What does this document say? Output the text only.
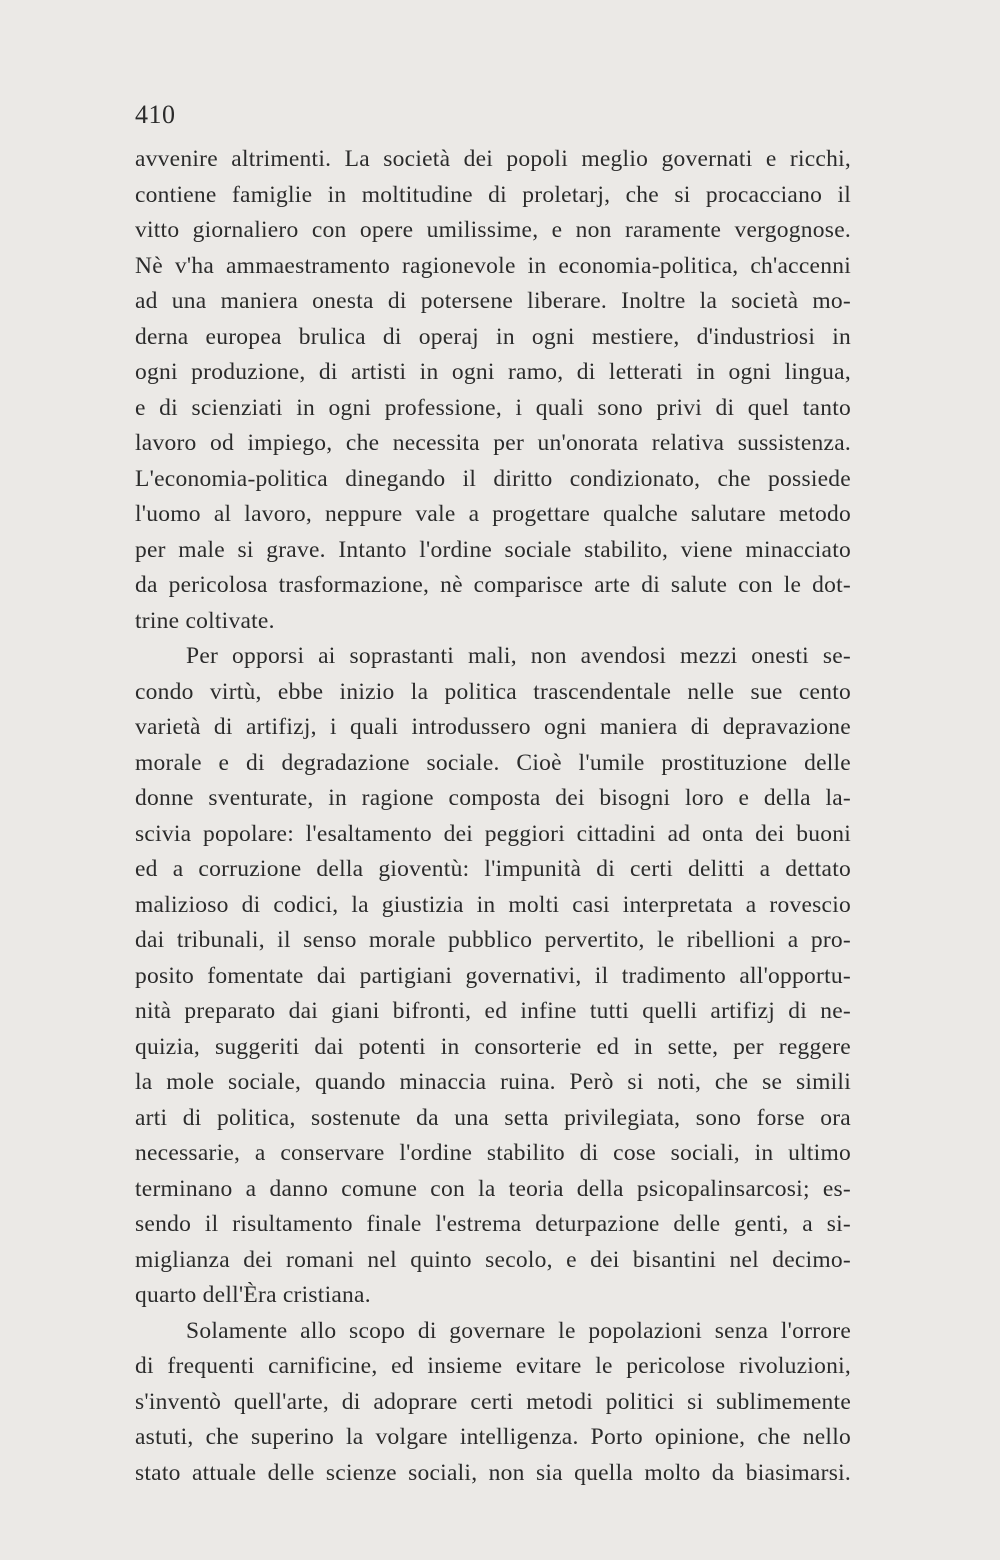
410
avvenire altrimenti. La società dei popoli meglio governati e ricchi,
contiene famiglie in moltitudine di proletarj, che si procacciano il
vitto giornaliero con opere umilissime, e non raramente vergognose.
Nè v'ha ammaestramento ragionevole in economia-politica, ch'accenni
ad una maniera onesta di potersene liberare. Inoltre la società mo-
derna europea brulica di operaj in ogni mestiere, d'industriosi in
ogni produzione, di artisti in ogni ramo, di letterati in ogni lingua,
e di scienziati in ogni professione, i quali sono privi di quel tanto
lavoro od impiego, che necessita per un'onorata relativa sussistenza.
L'economia-politica dinegando il diritto condizionato, che possiede
l'uomo al lavoro, neppure vale a progettare qualche salutare metodo
per male si grave. Intanto l'ordine sociale stabilito, viene minacciato
da pericolosa trasformazione, nè comparisce arte di salute con le dot-
trine coltivate.
Per opporsi ai soprastanti mali, non avendosi mezzi onesti se-
condo virtù, ebbe inizio la politica trascendentale nelle sue cento
varietà di artifizj, i quali introdussero ogni maniera di depravazione
morale e di degradazione sociale. Cioè l'umile prostituzione delle
donne sventurate, in ragione composta dei bisogni loro e della la-
scivia popolare: l'esaltamento dei peggiori cittadini ad onta dei buoni
ed a corruzione della gioventù: l'impunità di certi delitti a dettato
malizioso di codici, la giustizia in molti casi interpretata a rovescio
dai tribunali, il senso morale pubblico pervertito, le ribellioni a pro-
posito fomentate dai partigiani governativi, il tradimento all'opportu-
nità preparato dai giani bifronti, ed infine tutti quelli artifizj di ne-
quizia, suggeriti dai potenti in consorterie ed in sette, per reggere
la mole sociale, quando minaccia ruina. Però si noti, che se simili
arti di politica, sostenute da una setta privilegiata, sono forse ora
necessarie, a conservare l'ordine stabilito di cose sociali, in ultimo
terminano a danno comune con la teoria della psicopalinsarcosi; es-
sendo il risultamento finale l'estrema deturpazione delle genti, a si-
miglianza dei romani nel quinto secolo, e dei bisantini nel decimo-
quarto dell'Èra cristiana.
Solamente allo scopo di governare le popolazioni senza l'orrore
di frequenti carnificine, ed insieme evitare le pericolose rivoluzioni,
s'inventò quell'arte, di adoprare certi metodi politici si sublimemente
astuti, che superino la volgare intelligenza. Porto opinione, che nello
stato attuale delle scienze sociali, non sia quella molto da biasimarsi.
